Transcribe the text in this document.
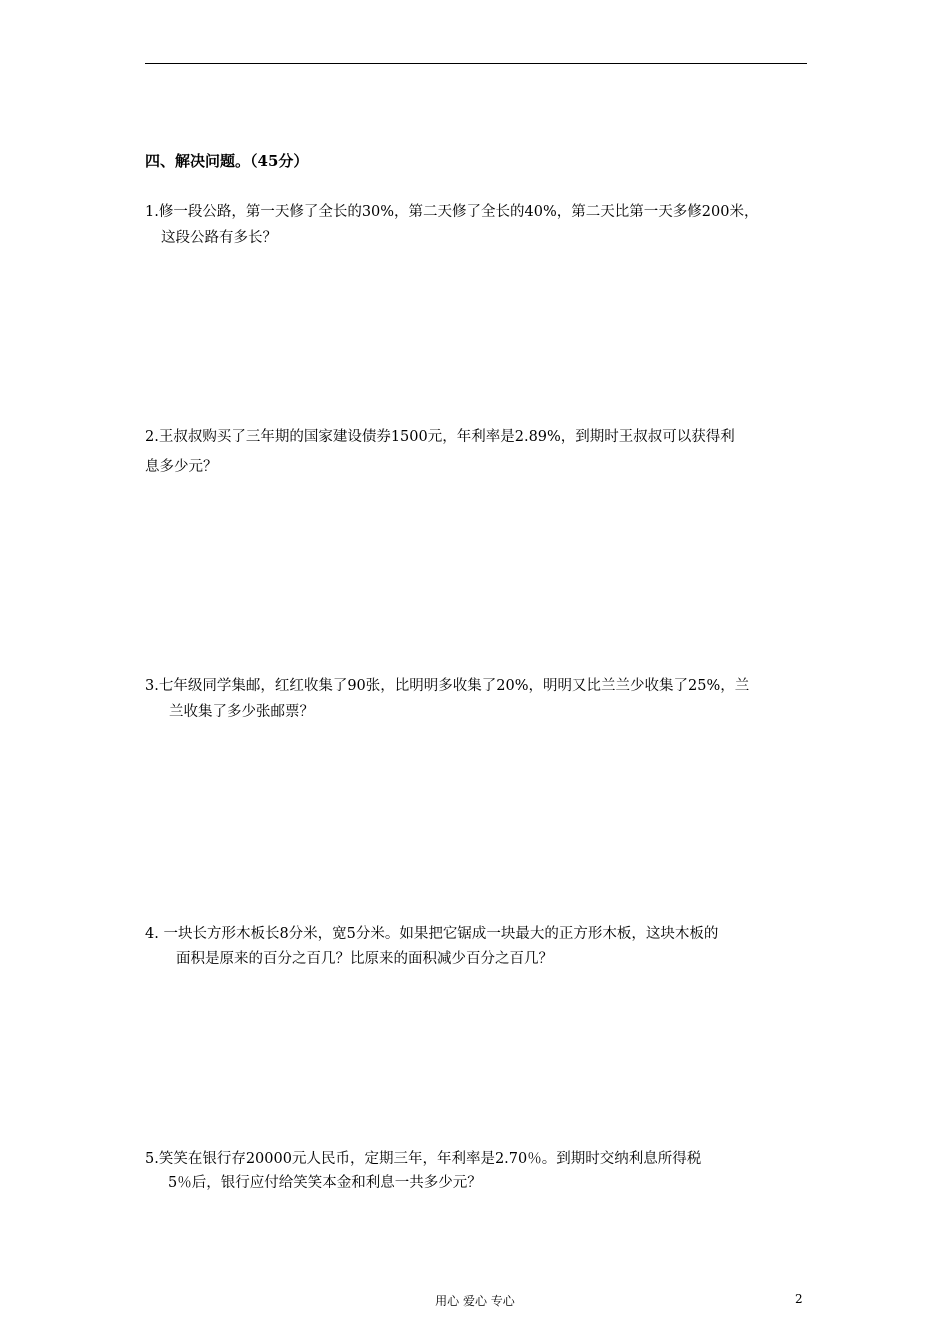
四、解决问题。（45分）
1.修一段公路，第一天修了全长的30%，第二天修了全长的40%，第二天比第一天多修200米，
这段公路有多长？
2.王叔叔购买了三年期的国家建设债券1500元，年利率是2.89%，到期时王叔叔可以获得利
息多少元？
3.七年级同学集邮，红红收集了90张，比明明多收集了20%，明明又比兰兰少收集了25%，兰
兰收集了多少张邮票？
4. 一块长方形木板长8分米，宽5分米。如果把它锯成一块最大的正方形木板，这块木板的
面积是原来的百分之百几？比原来的面积减少百分之百几？
5.笑笑在银行存20000元人民币，定期三年，年利率是2.70％。到期时交纳利息所得税
5％后，银行应付给笑笑本金和利息一共多少元？
用心 爱心 专心	2
